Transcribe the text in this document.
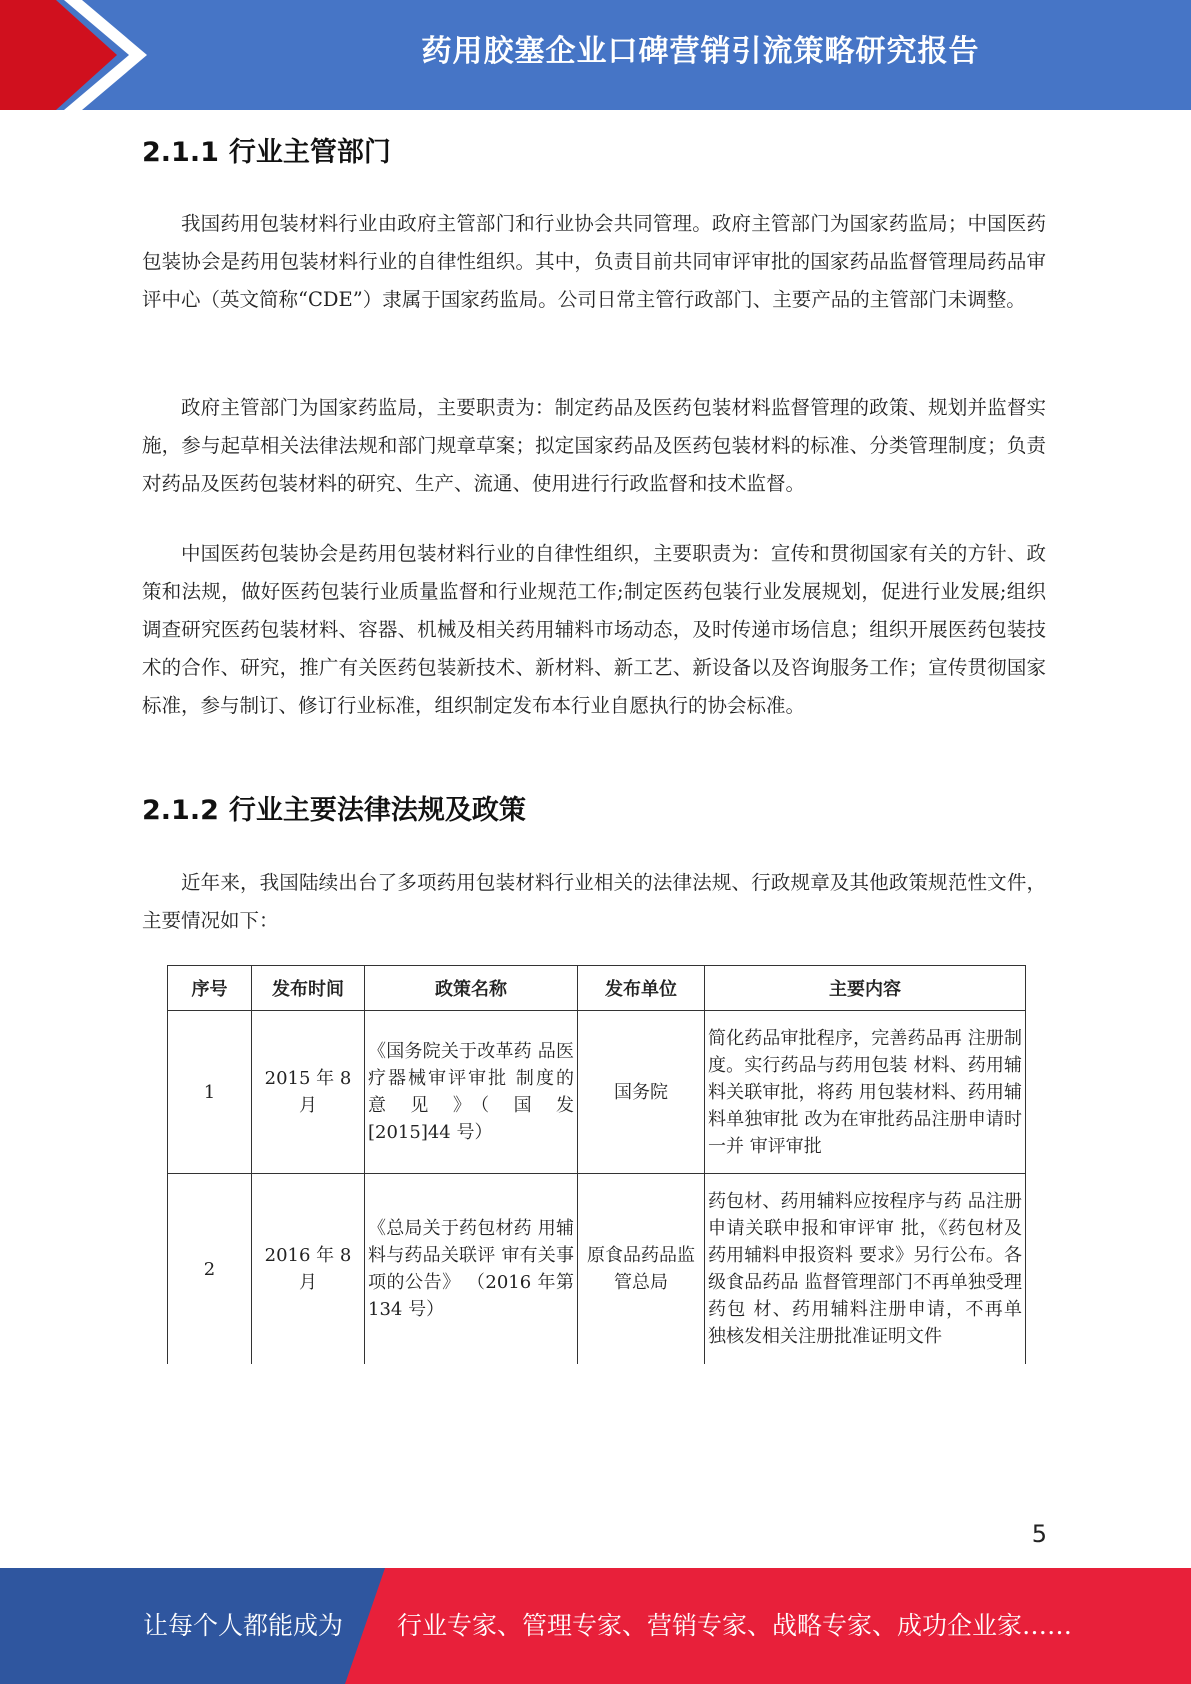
药用胶塞企业口碑营销引流策略研究报告
2.1.1 行业主管部门

我国药用包装材料行业由政府主管部门和行业协会共同管理。政府主管部门为国家药监局；中国医药包装协会是药用包装材料行业的自律性组织。其中，负责目前共同审评审批的国家药品监督管理局药品审评中心（英文简称“CDE”）隶属于国家药监局。公司日常主管行政部门、主要产品的主管部门未调整。

政府主管部门为国家药监局，主要职责为：制定药品及医药包装材料监督管理的政策、规划并监督实施，参与起草相关法律法规和部门规章草案；拟定国家药品及医药包装材料的标准、分类管理制度；负责对药品及医药包装材料的研究、生产、流通、使用进行行政监督和技术监督。

中国医药包装协会是药用包装材料行业的自律性组织，主要职责为：宣传和贯彻国家有关的方针、政策和法规，做好医药包装行业质量监督和行业规范工作;制定医药包装行业发展规划，促进行业发展;组织调查研究医药包装材料、容器、机械及相关药用辅料市场动态，及时传递市场信息；组织开展医药包装技术的合作、研究，推广有关医药包装新技术、新材料、新工艺、新设备以及咨询服务工作；宣传贯彻国家标准，参与制订、修订行业标准，组织制定发布本行业自愿执行的协会标准。

2.1.2 行业主要法律法规及政策

近年来，我国陆续出台了多项药用包装材料行业相关的法律法规、行政规章及其他政策规范性文件，主要情况如下：

序号	发布时间	政策名称	发布单位	主要内容
1	2015 年 8 月	《国务院关于改革药 品医疗器械审评审批 制度的 意 见 》（ 国 发 [2015]44 号）	国务院	简化药品审批程序，完善药品再 注册制度。实行药品与药用包装 材料、药用辅料关联审批，将药 用包装材料、药用辅料单独审批 改为在审批药品注册申请时一并 审评审批
2	2016 年 8 月	《总局关于药包材药 用辅料与药品关联评 审有关事项的公告》 （2016 年第 134 号）	原食品药品监管总局	药包材、药用辅料应按程序与药 品注册申请关联申报和审评审 批，《药包材及药用辅料申报资料 要求》另行公布。各级食品药品 监督管理部门不再单独受理药包 材、药用辅料注册申请，不再单 独核发相关注册批准证明文件
5
让每个人都能成为 行业专家、管理专家、营销专家、战略专家、成功企业家……
